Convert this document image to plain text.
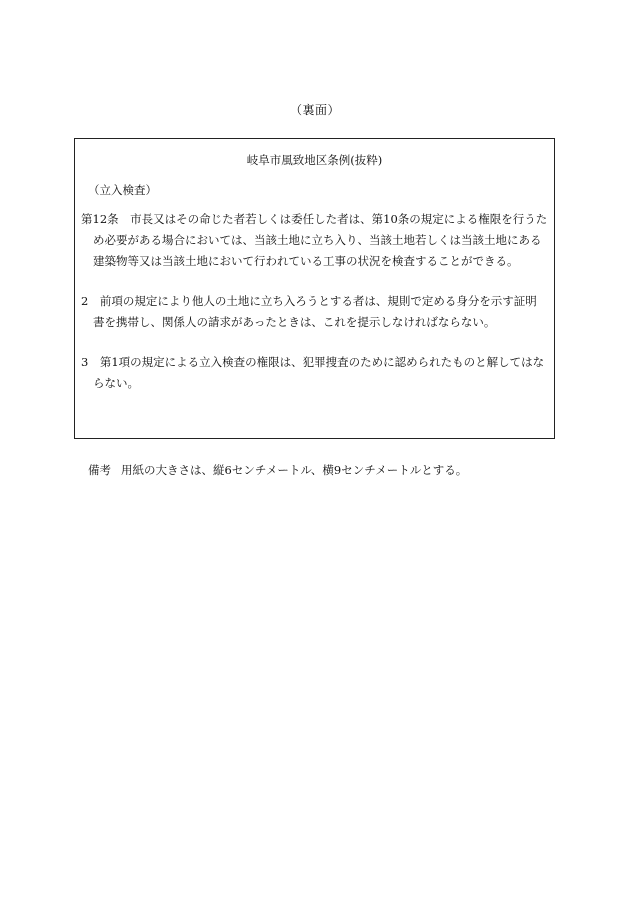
（裏面）
岐阜市風致地区条例(抜粋)
（立入検査）
第12条　市長又はその命じた者若しくは委任した者は、第10条の規定による権限を行うた
め必要がある場合においては、当該土地に立ち入り、当該土地若しくは当該土地にある
建築物等又は当該土地において行われている工事の状況を検査することができる。
2　前項の規定により他人の土地に立ち入ろうとする者は、規則で定める身分を示す証明
書を携帯し、関係人の請求があったときは、これを提示しなければならない。
3　第1項の規定による立入検査の権限は、犯罪捜査のために認められたものと解してはな
らない。
備考 用紙の大きさは、縦6センチメートル、横9センチメートルとする。
